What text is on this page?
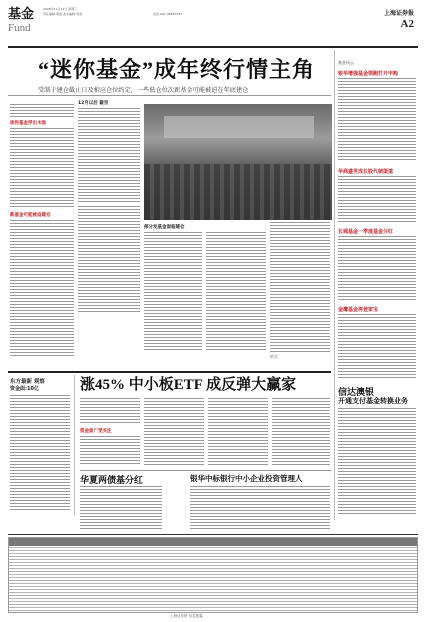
基金
Fund
2008年11月12日 星期三
责任编辑:周振 美术编辑:贾睿	电话:021-38967554	上海证券报
A2
“迷你基金”成年终行情主角
受制于建仓截止日及相应仓位约定，一些低仓位次新基金可能被迫在年底建仓
基金风云
银华增强基金领跑打开申购
华商盛世成长股代销渠道
长城基金一季度基金分红
金鹰基金再登家宝
信达澳银
开通支付基金转换业务
迷你基金浮出水面
新基金可能被迫建仓
12月以后 截至
部分发基金面临建仓
机关
东方最新 观察
资金面:10亿	涨45% 中小板ETF 成反弹大赢家
资金面广受关注
华夏两债基分红	银华中标银行中小企业投资管理人
上海证券报·信息披露
